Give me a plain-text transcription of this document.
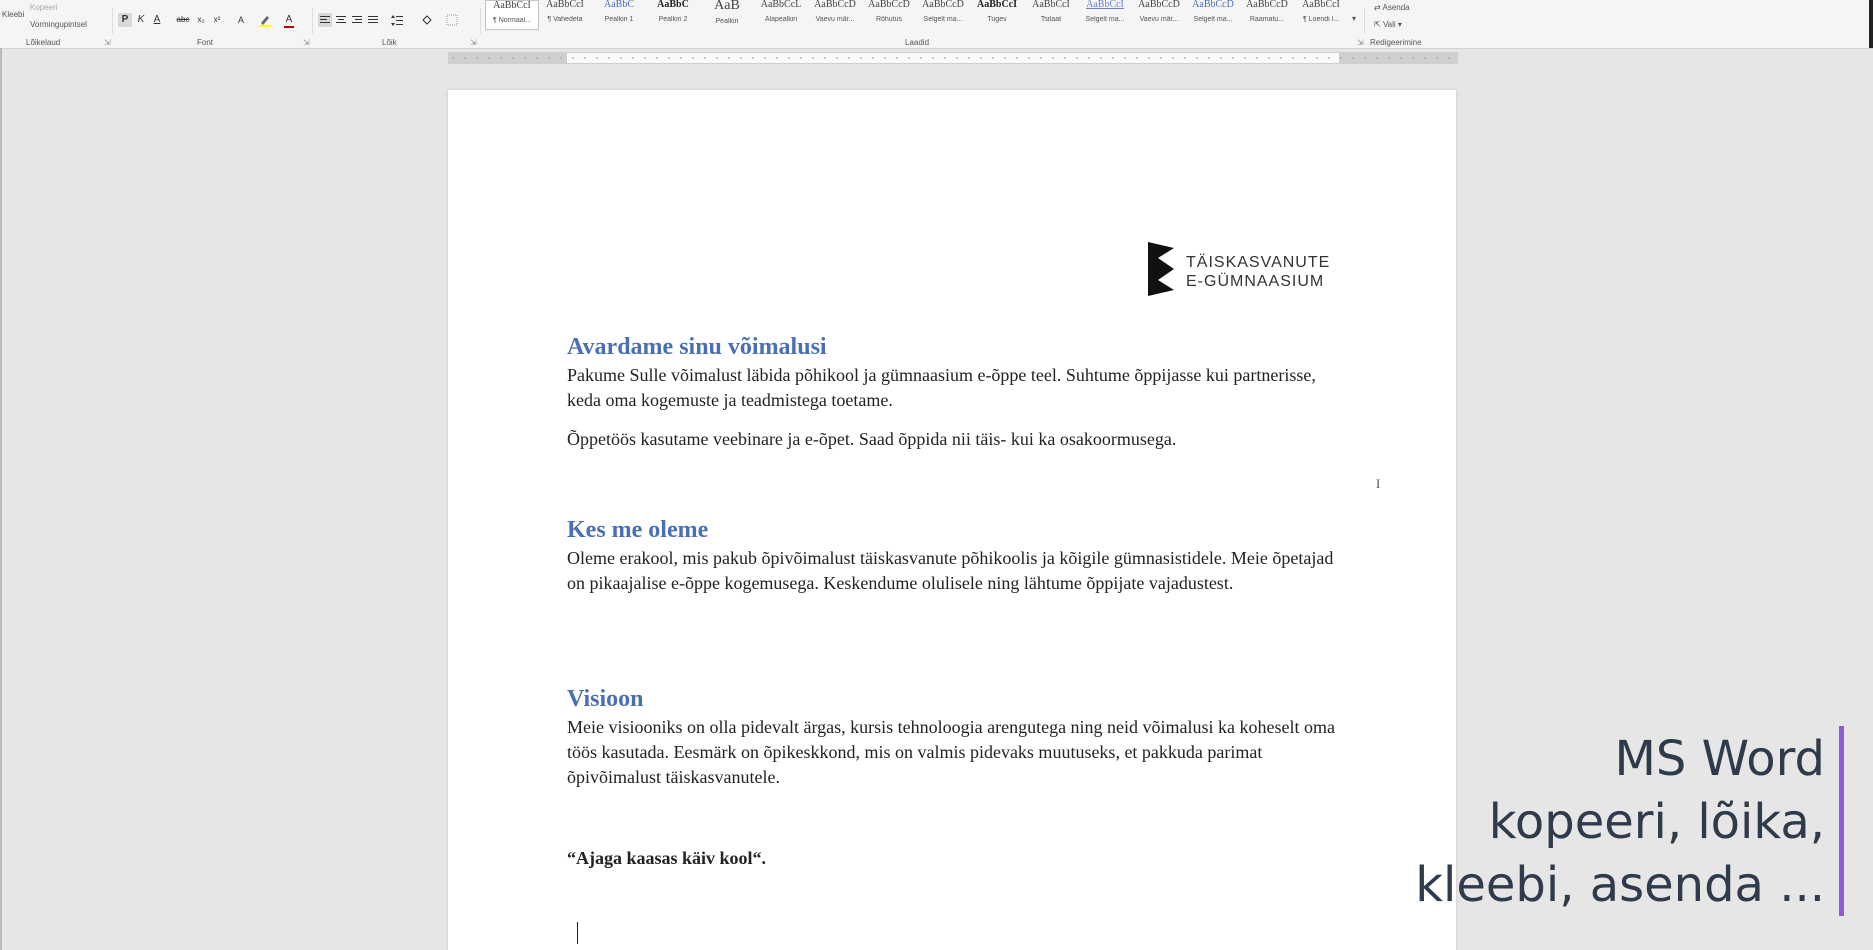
Kleebi
Kopeeri
Vormingupintsel
Lõikelaud	⇲
P K A	abc x₂	x²	A	A
Font	⇲	Lõik	⇲
AaBbCcI
¶ Normaal...
AaBbCcI
¶ Vahedeta
AaBbC
Pealkiri 1
AaBbC
Pealkiri 2
AaB
Pealkiri
AaBbCcL
Alapealkiri
AaBbCcD
Vaevu mär...
AaBbCcD
Rõhutus
AaBbCcD
Selgelt ma...
AaBbCcI
Tugev
AaBbCcI
Tsitaat
AaBbCcI
Selgelt ma...
AaBbCcD
Vaevu mär...
AaBbCcD
Selgelt ma...
AaBbCcD
Raamatu...
AaBbCcI
¶ Loendi l...
Laadid
▾
⇲
⇄ Asenda
⇱ Vali ▾
Redigeerimine
TÄISKASVANUTE
E-GÜMNAASIUM
Avardame sinu võimalusi

Pakume Sulle võimalust läbida põhikool ja gümnaasium e-õppe teel. Suhtume õppijasse kui partnerisse, keda oma kogemuste ja teadmistega toetame.

Õppetöös kasutame veebinare ja e-õpet. Saad õppida nii täis- kui ka osakoormusega.

Kes me oleme

Oleme erakool, mis pakub õpivõimalust täiskasvanute põhikoolis ja kõigile gümnasistidele. Meie õpetajad on pikaajalise e-õppe kogemusega. Keskendume olulisele ning lähtume õppijate vajadustest.

Visioon

Meie visiooniks on olla pidevalt ärgas, kursis tehnoloogia arengutega ning neid võimalusi ka koheselt oma töös kasutada. Eesmärk on õpikeskkond, mis on valmis pidevaks muutuseks, et pakkuda parimat õpivõimalust täiskasvanutele.

“Ajaga kaasas käiv kool“.

I
MS Word
kopeeri, lõika,
kleebi, asenda ...
